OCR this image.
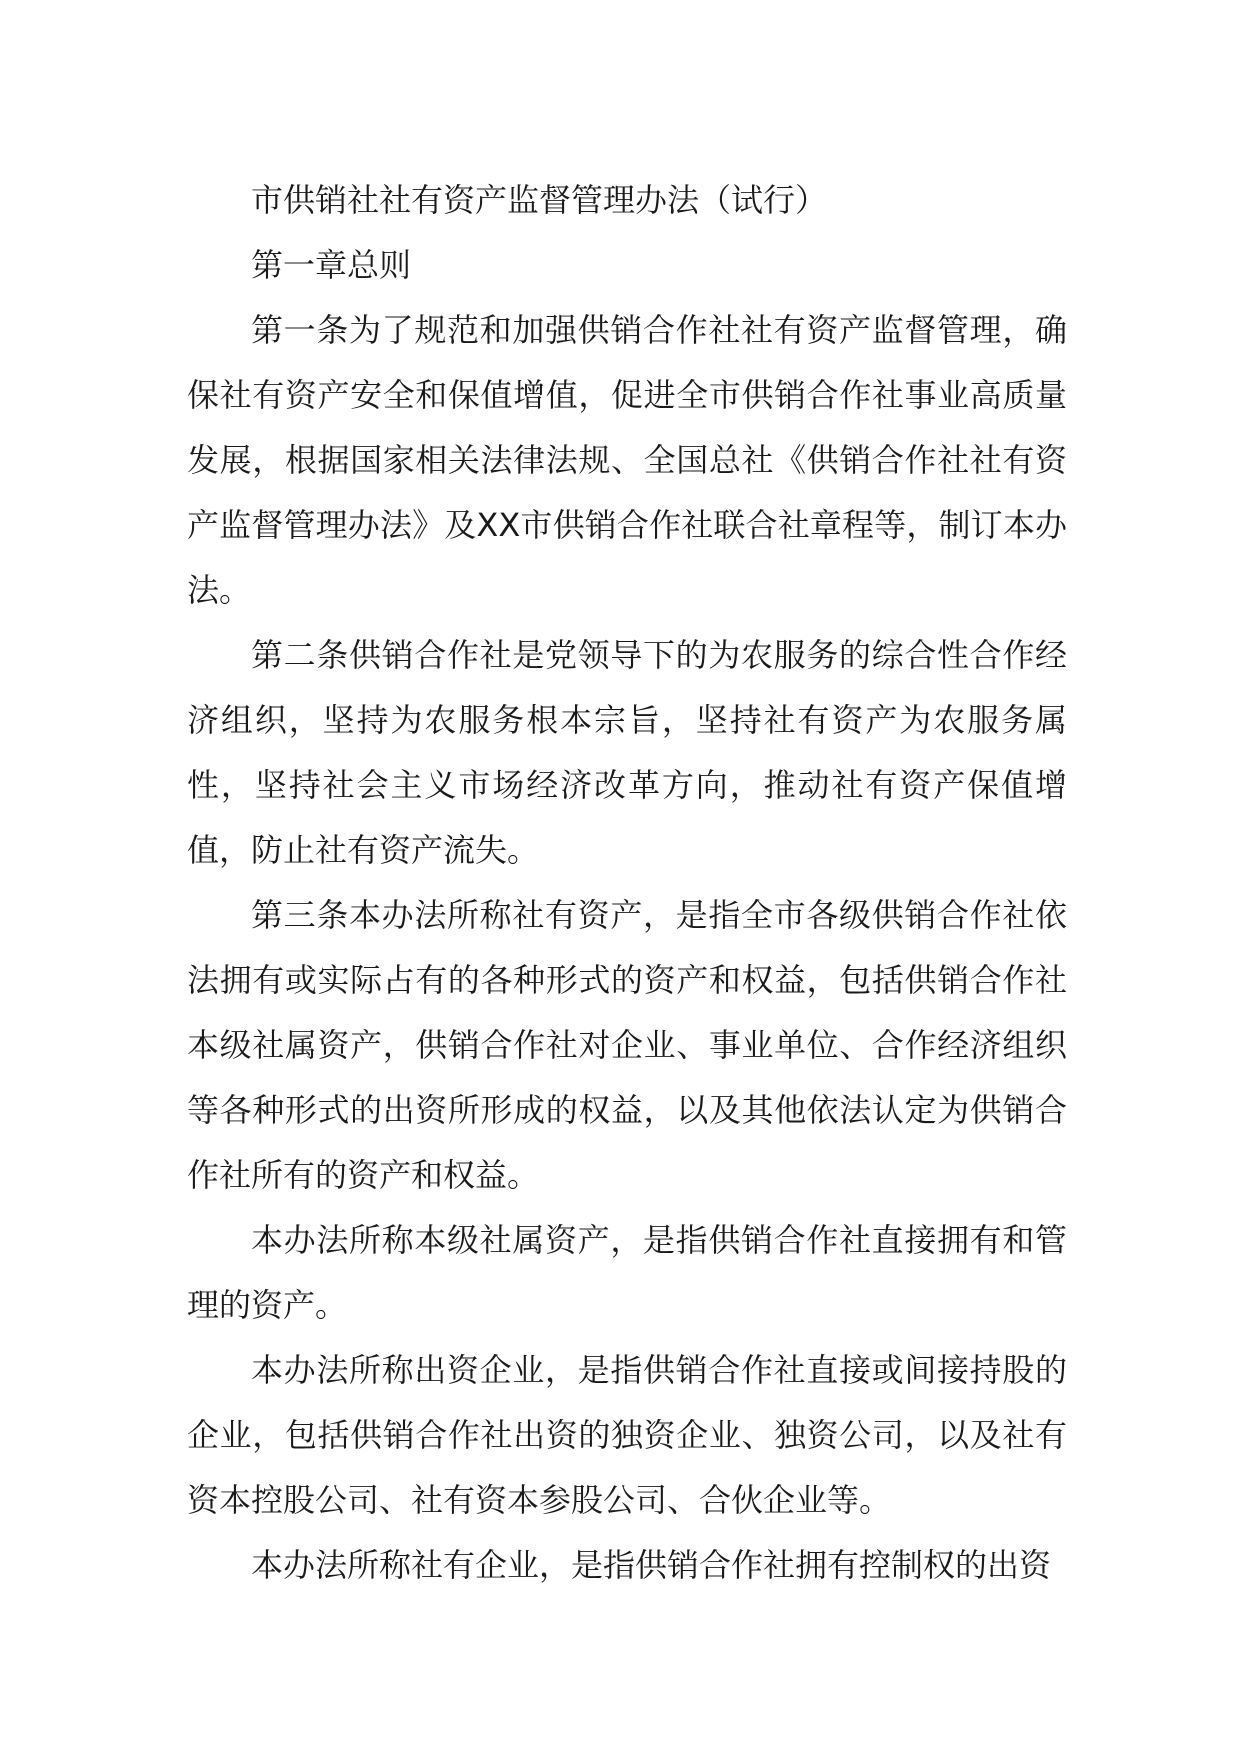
市供销社社有资产监督管理办法（试行）

第一章总则

第一条为了规范和加强供销合作社社有资产监督管理，确保社有资产安全和保值增值，促进全市供销合作社事业高质量发展，根据国家相关法律法规、全国总社《供销合作社社有资产监督管理办法》及XX市供销合作社联合社章程等，制订本办法。

第二条供销合作社是党领导下的为农服务的综合性合作经济组织，坚持为农服务根本宗旨，坚持社有资产为农服务属性，坚持社会主义市场经济改革方向，推动社有资产保值增值，防止社有资产流失。

第三条本办法所称社有资产，是指全市各级供销合作社依法拥有或实际占有的各种形式的资产和权益，包括供销合作社本级社属资产，供销合作社对企业、事业单位、合作经济组织等各种形式的出资所形成的权益，以及其他依法认定为供销合作社所有的资产和权益。

本办法所称本级社属资产，是指供销合作社直接拥有和管理的资产。

本办法所称出资企业，是指供销合作社直接或间接持股的企业，包括供销合作社出资的独资企业、独资公司，以及社有资本控股公司、社有资本参股公司、合伙企业等。

本办法所称社有企业，是指供销合作社拥有控制权的出资
